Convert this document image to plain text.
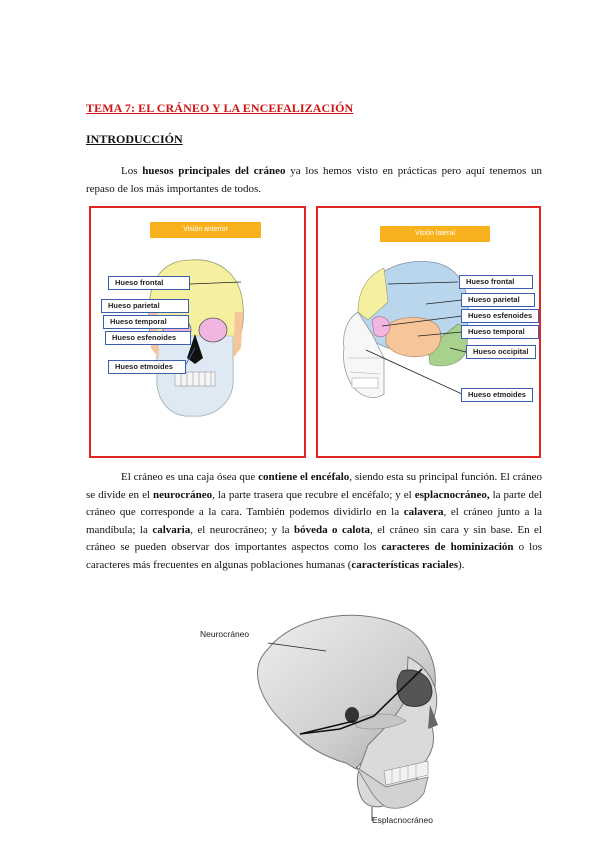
TEMA 7: EL CRÁNEO Y LA ENCEFALIZACIÓN
INTRODUCCIÓN

Los huesos principales del cráneo ya los hemos visto en prácticas pero aquí tenemos un repaso de los más importantes de todos.

Visión anterior
Hueso frontal
Hueso parietal
Hueso temporal
Hueso esfenoides
Hueso etmoides
Visión lateral
Hueso frontal
Hueso parietal
Hueso esfenoides
Hueso temporal
Hueso occipital
Hueso etmoides

El cráneo es una caja ósea que contiene el encéfalo, siendo esta su principal función. El cráneo se divide en el neurocráneo, la parte trasera que recubre el encéfalo; y el esplacnocráneo, la parte del cráneo que corresponde a la cara. También podemos dividirlo en la calavera, el cráneo junto a la mandíbula; la calvaria, el neurocráneo; y la bóveda o calota, el cráneo sin cara y sin base. En el cráneo se pueden observar dos importantes aspectos como los caracteres de hominización o los caracteres más frecuentes en algunas poblaciones humanas (características raciales).

Neurocráneo
Esplacnocráneo
